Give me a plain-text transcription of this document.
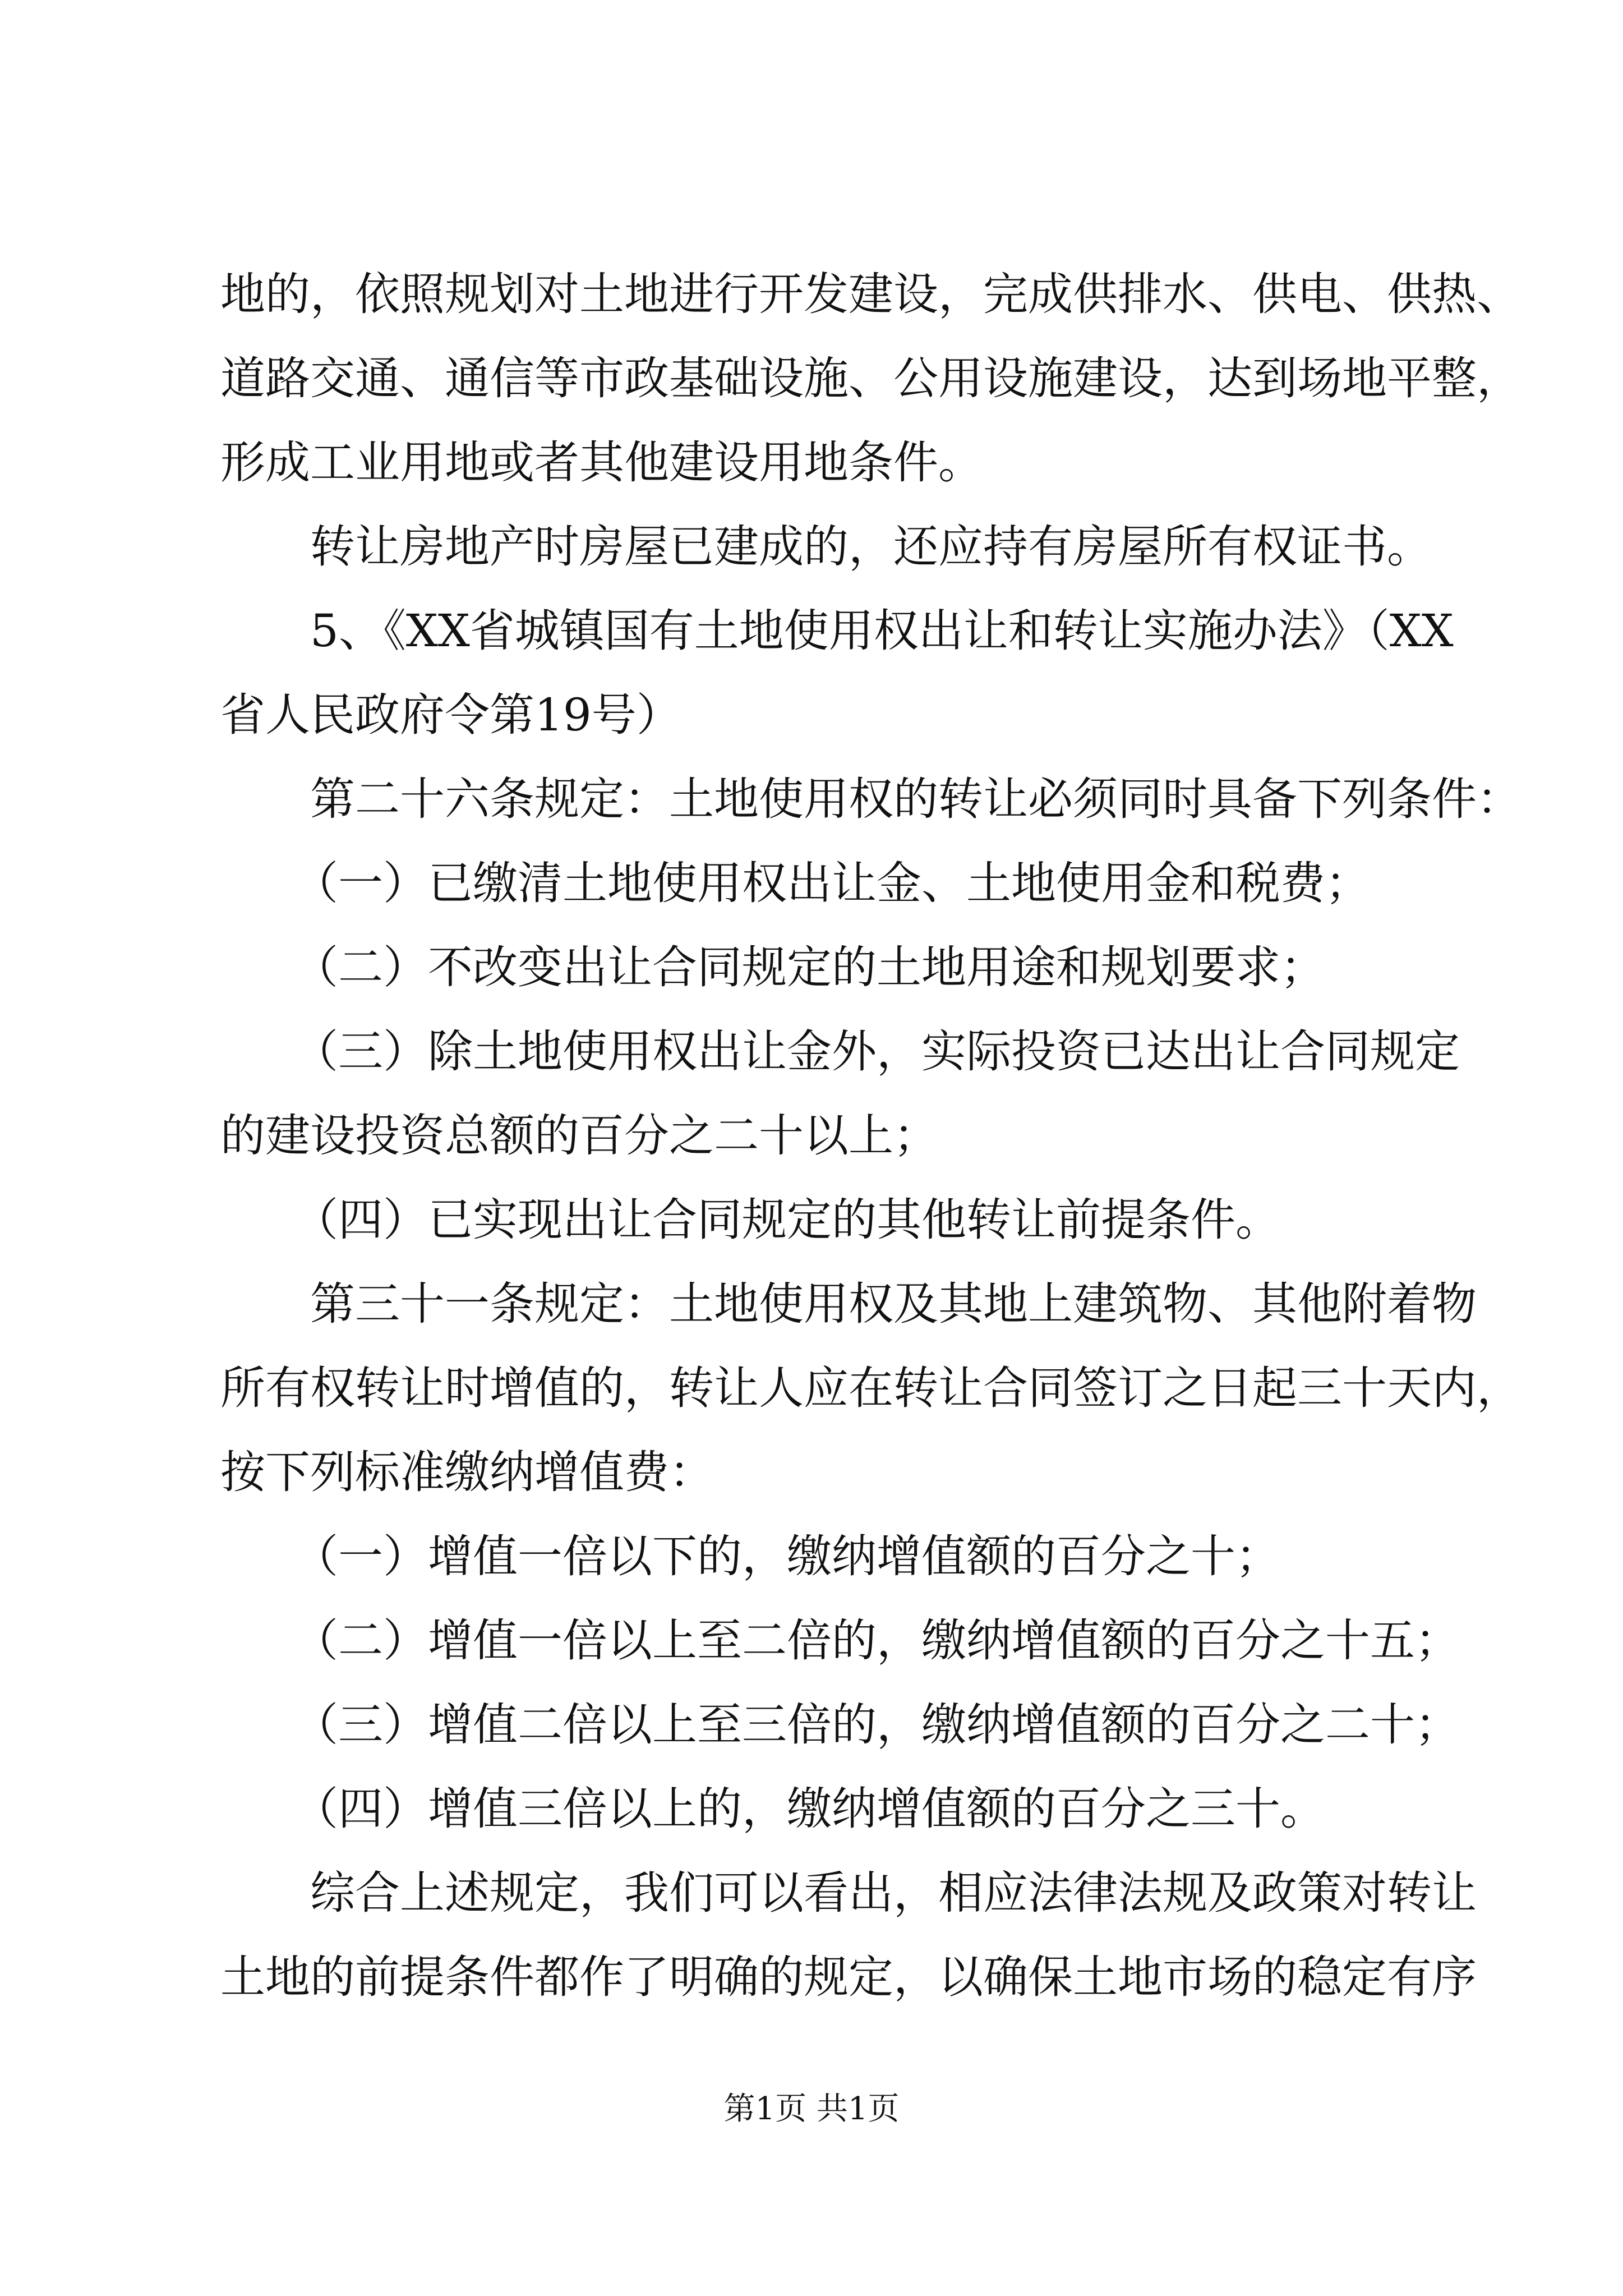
地的，依照规划对土地进行开发建设，完成供排水、供电、供热、
道路交通、通信等市政基础设施、公用设施建设，达到场地平整，
形成工业用地或者其他建设用地条件。
转让房地产时房屋已建成的，还应持有房屋所有权证书。
5、《XX省城镇国有土地使用权出让和转让实施办法》（XX
省人民政府令第19号）
第二十六条规定：土地使用权的转让必须同时具备下列条件：
（一）已缴清土地使用权出让金、土地使用金和税费；
（二）不改变出让合同规定的土地用途和规划要求；
（三）除土地使用权出让金外，实际投资已达出让合同规定
的建设投资总额的百分之二十以上；
（四）已实现出让合同规定的其他转让前提条件。
第三十一条规定：土地使用权及其地上建筑物、其他附着物
所有权转让时增值的，转让人应在转让合同签订之日起三十天内，
按下列标准缴纳增值费：
（一）增值一倍以下的，缴纳增值额的百分之十；
（二）增值一倍以上至二倍的，缴纳增值额的百分之十五；
（三）增值二倍以上至三倍的，缴纳增值额的百分之二十；
（四）增值三倍以上的，缴纳增值额的百分之三十。
综合上述规定，我们可以看出，相应法律法规及政策对转让
土地的前提条件都作了明确的规定，以确保土地市场的稳定有序
第1页 共1页
